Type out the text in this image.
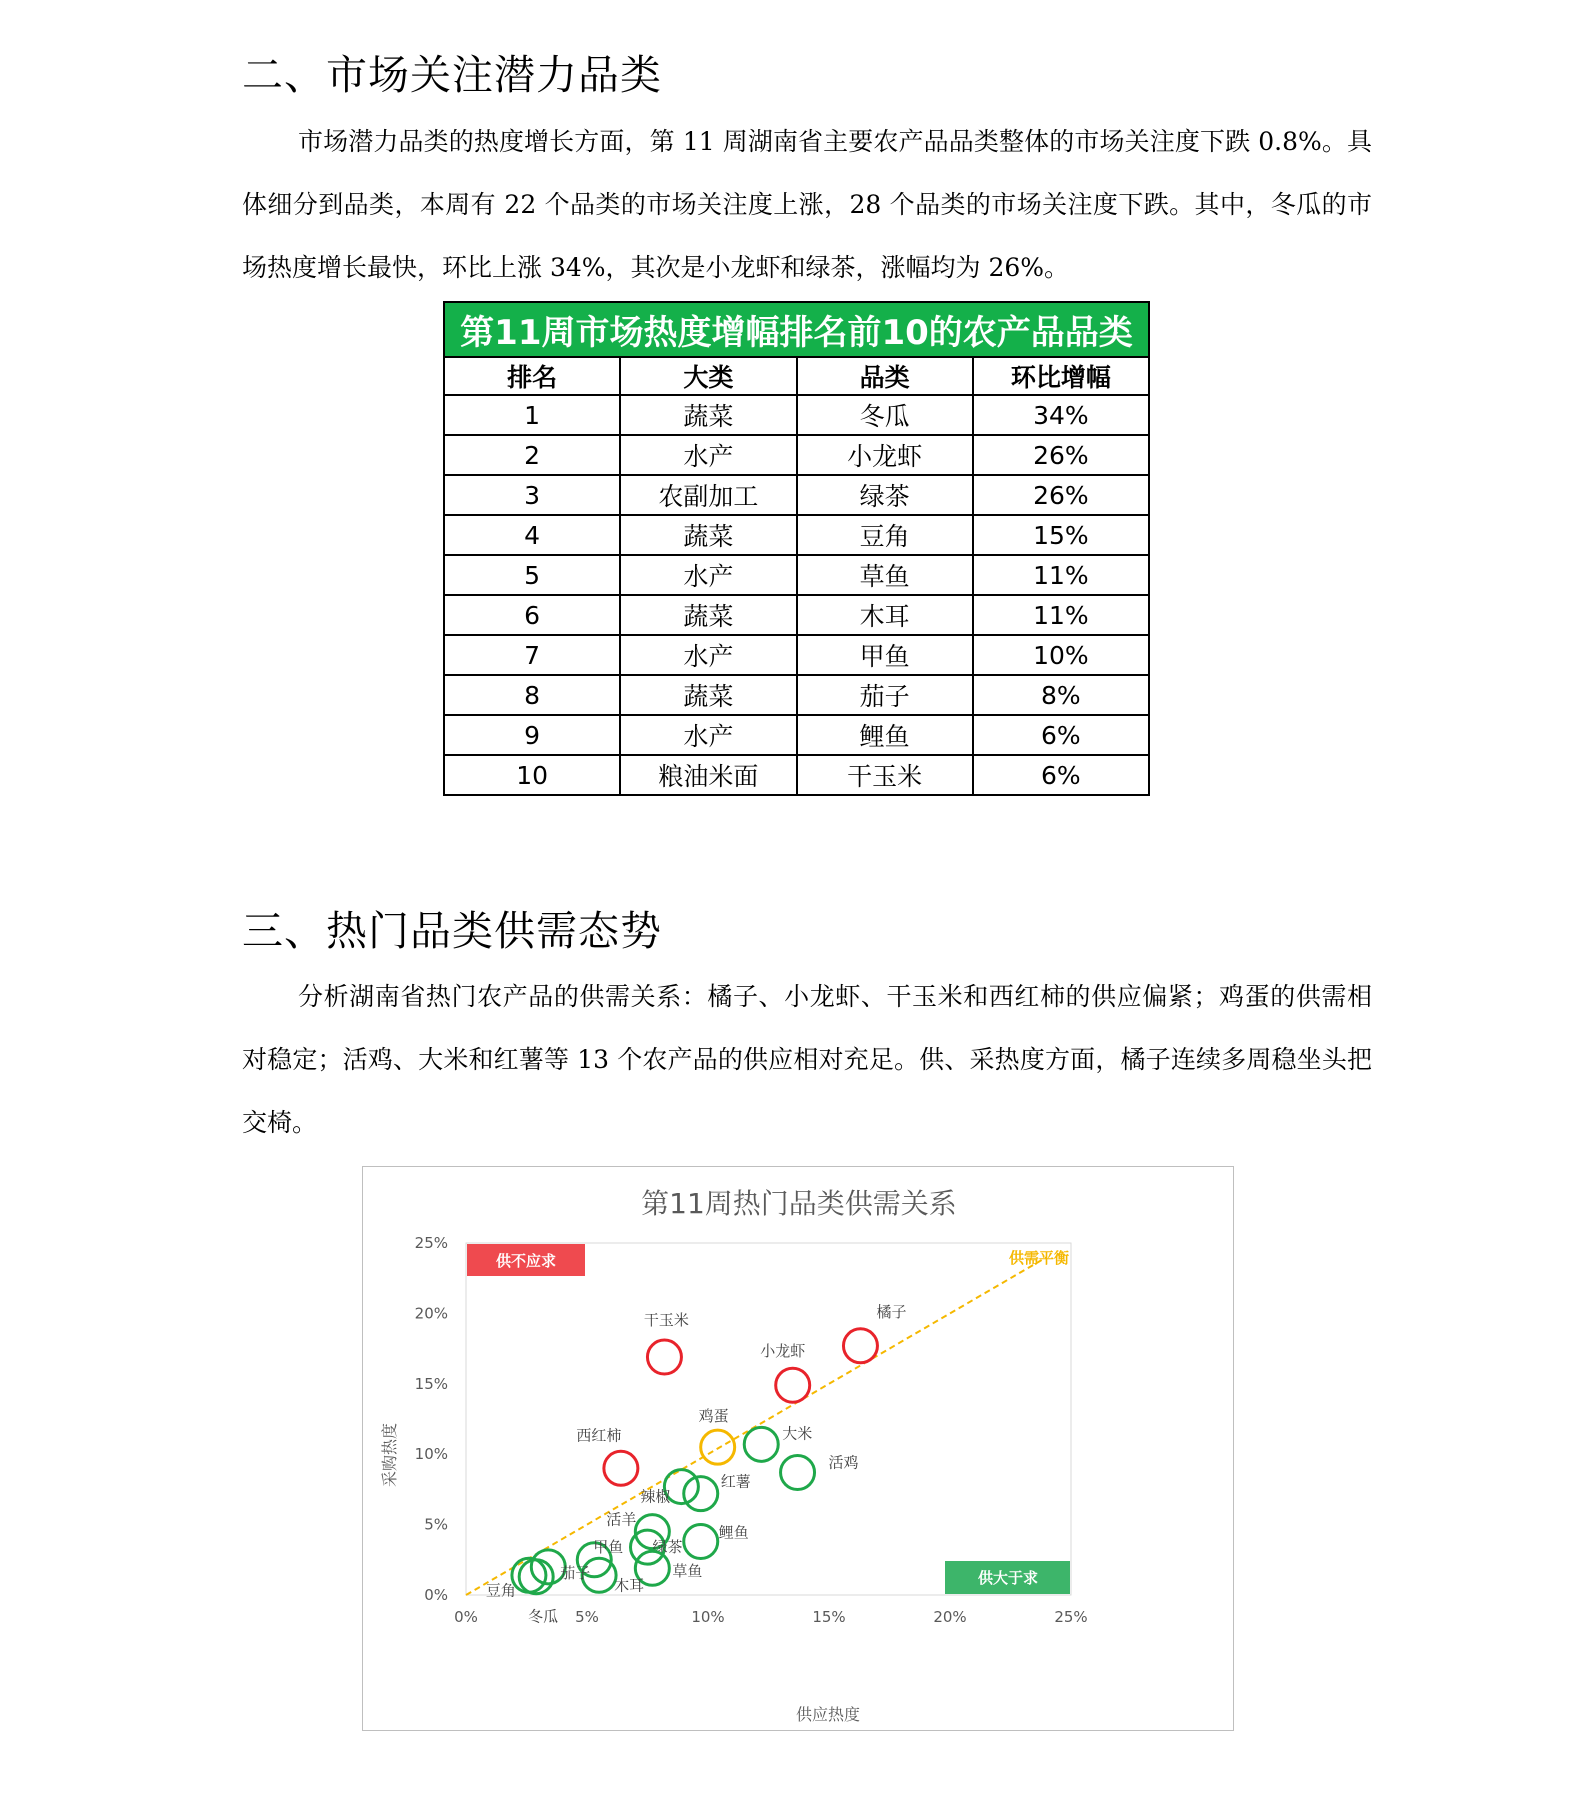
二、市场关注潜力品类

市场潜力品类的热度增长方面，第 11 周湖南省主要农产品品类整体的市场关注度下跌 0.8%。具体细分到品类，本周有 22 个品类的市场关注度上涨，28 个品类的市场关注度下跌。其中，冬瓜的市场热度增长最快，环比上涨 34%，其次是小龙虾和绿茶，涨幅均为 26%。

第11周市场热度增幅排名前10的农产品品类			
排名	大类	品类	环比增幅
1	蔬菜	冬瓜	34%
2	水产	小龙虾	26%
3	农副加工	绿茶	26%
4	蔬菜	豆角	15%
5	水产	草鱼	11%
6	蔬菜	木耳	11%
7	水产	甲鱼	10%
8	蔬菜	茄子	8%
9	水产	鲤鱼	6%
10	粮油米面	干玉米	6%
三、热门品类供需态势

分析湖南省热门农产品的供需关系：橘子、小龙虾、干玉米和西红柿的供应偏紧；鸡蛋的供需相对稳定；活鸡、大米和红薯等 13 个农产品的供应相对充足。供、采热度方面，橘子连续多周稳坐头把交椅。

第11周热门品类供需关系
供应热度
采购热度
0%	5%	10%	15%	20%	25%
0%
5%
10%
15%
20%
25%
供需平衡
供不应求
供大于求
橘子
干玉米
小龙虾
西红柿
鸡蛋
大米
活鸡
红薯
辣椒
活羊
绿茶
鲤鱼
甲鱼
草鱼
木耳
茄子
冬瓜
豆角
